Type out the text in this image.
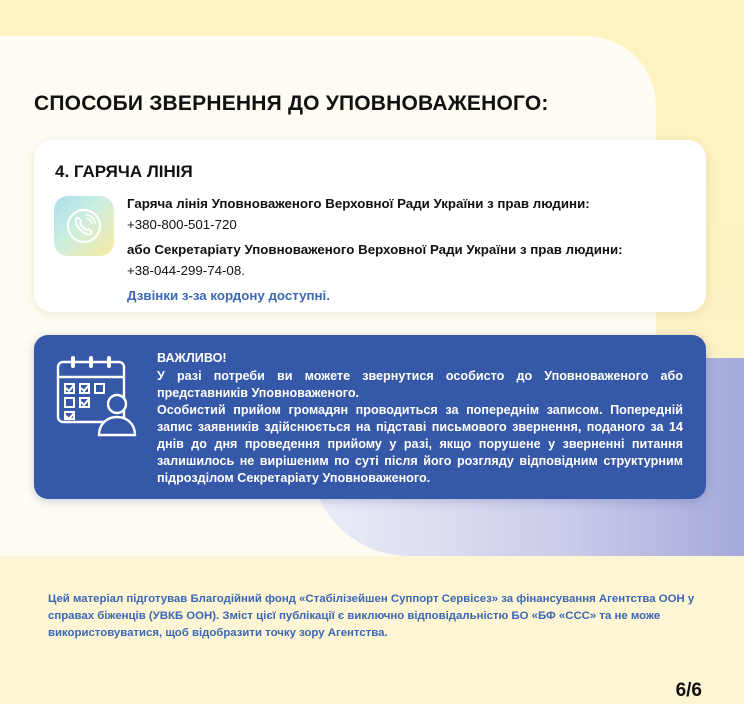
СПОСОБИ ЗВЕРНЕННЯ ДО УПОВНОВАЖЕНОГО:
4. ГАРЯЧА ЛІНІЯ
Гаряча лінія Уповноваженого Верховної Ради України з прав людини:
+380-800-501-720
або Секретаріату Уповноваженого Верховної Ради України з прав людини:
+38-044-299-74-08.
Дзвінки з-за кордону доступні.

ВАЖЛИВО!

У разі потреби ви можете звернутися особисто до Уповноваженого або представників Уповноваженого.

Особистий прийом громадян проводиться за попереднім записом. Попередній запис заявників здійснюється на підставі письмового звернення, поданого за 14 днів до дня проведення прийому у разі, якщо порушене у зверненні питання залишилось не вирішеним по суті після його розгляду відповідним структурним підрозділом Секретаріату Уповноваженого.

Цей матеріал підготував Благодійний фонд «Стабілізейшен Суппорт Сервісез» за фінансування Агентства ООН у справах біженців (УВКБ ООН). Зміст цієї публікації є виключно відповідальністю БО «БФ «ССС» та не може використовуватися, щоб відобразити точку зору Агентства.

6/6
